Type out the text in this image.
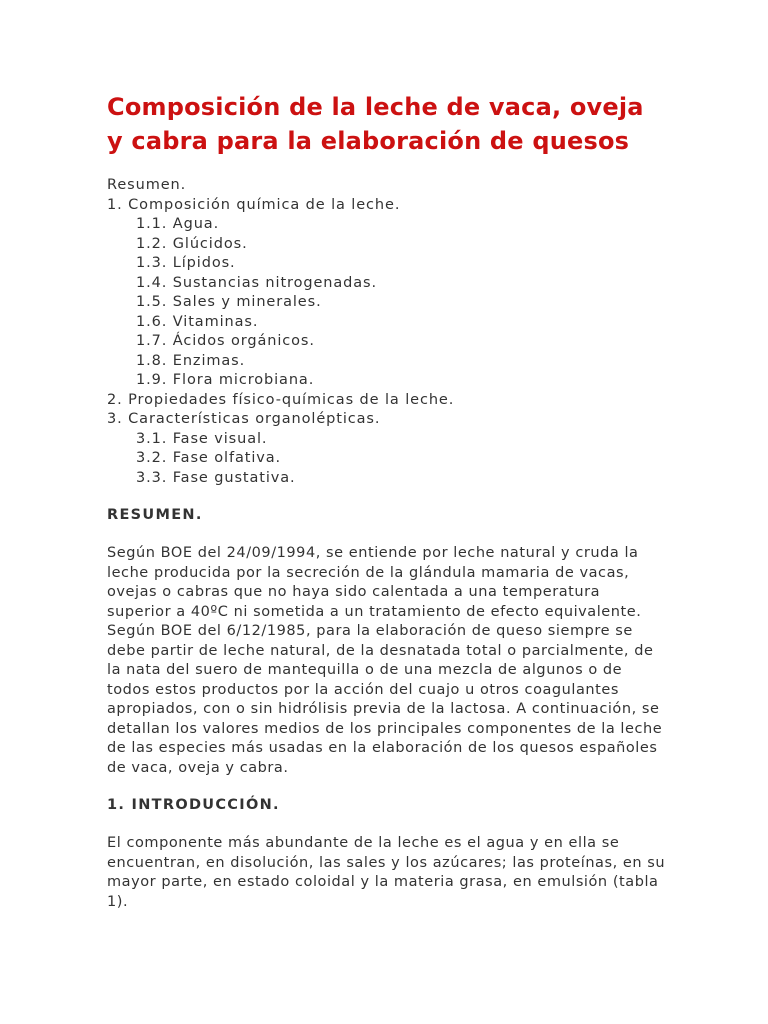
Composición de la leche de vaca, oveja y cabra para la elaboración de quesos
Resumen.
1. Composición química de la leche.
1.1. Agua.
1.2. Glúcidos.
1.3. Lípidos.
1.4. Sustancias nitrogenadas.
1.5. Sales y minerales.
1.6. Vitaminas.
1.7. Ácidos orgánicos.
1.8. Enzimas.
1.9. Flora microbiana.
2. Propiedades físico-químicas de la leche.
3. Características organolépticas.
3.1. Fase visual.
3.2. Fase olfativa.
3.3. Fase gustativa.
RESUMEN.
Según BOE del 24/09/1994, se entiende por leche natural y cruda la leche producida por la secreción de la glándula mamaria de vacas, ovejas o cabras que no haya sido calentada a una temperatura superior a 40ºC ni sometida a un tratamiento de efecto equivalente. Según BOE del 6/12/1985, para la elaboración de queso siempre se debe partir de leche natural, de la desnatada total o parcialmente, de la nata del suero de mantequilla o de una mezcla de algunos o de todos estos productos por la acción del cuajo u otros coagulantes apropiados, con o sin hidrólisis previa de la lactosa. A continuación, se detallan los valores medios de los principales componentes de la leche de las especies más usadas en la elaboración de los quesos españoles de vaca, oveja y cabra.
1. INTRODUCCIÓN.
El componente más abundante de la leche es el agua y en ella se encuentran, en disolución, las sales y los azúcares; las proteínas, en su mayor parte, en estado coloidal y la materia grasa, en emulsión (tabla 1).
